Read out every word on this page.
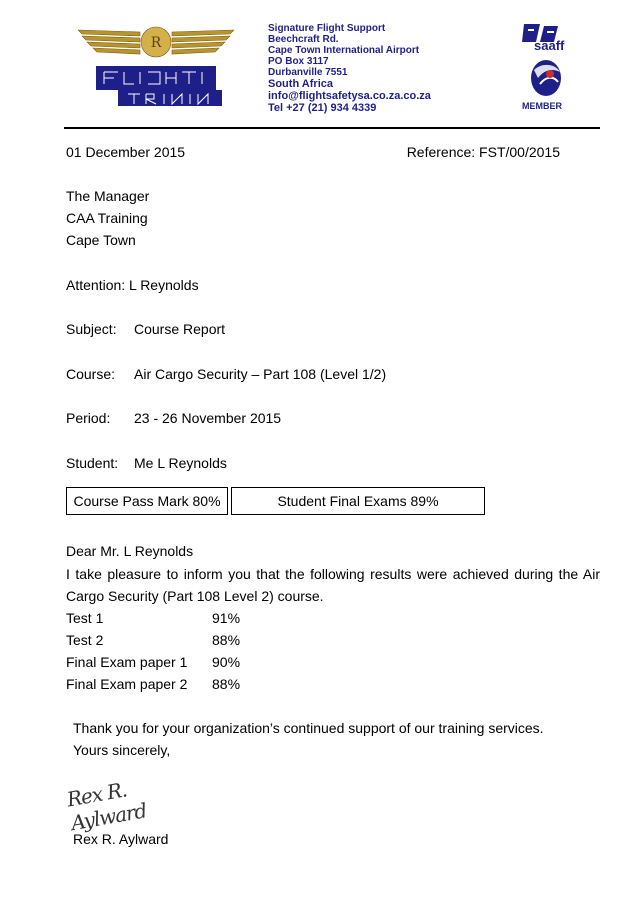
R
Signature Flight Support
Beechcraft Rd.
Cape Town International Airport
PO Box 3117
Durbanville 7551
South Africa
info@flightsafetysa.co.za.co.za
Tel +27 (21) 934 4339
saaff
MEMBER
01 December 2015	Reference: FST/00/2015
The Manager
CAA Training
Cape Town
Attention: L Reynolds
Subject: Course Report
Course: Air Cargo Security – Part 108 (Level 1/2)
Period: 23 - 26 November 2015
Student: Me L Reynolds
Course Pass Mark 80%	Student Final Exams 89%
Dear Mr. L Reynolds
I take pleasure to inform you that the following results were achieved during the Air Cargo Security (Part 108 Level 2) course.
Test 1	91%
Test 2	88%
Final Exam paper 1 90%
Final Exam paper 2 88%
Thank you for your organization’s continued support of our training services.
Yours sincerely,
Rex R. Aylward
Rex R. Aylward
